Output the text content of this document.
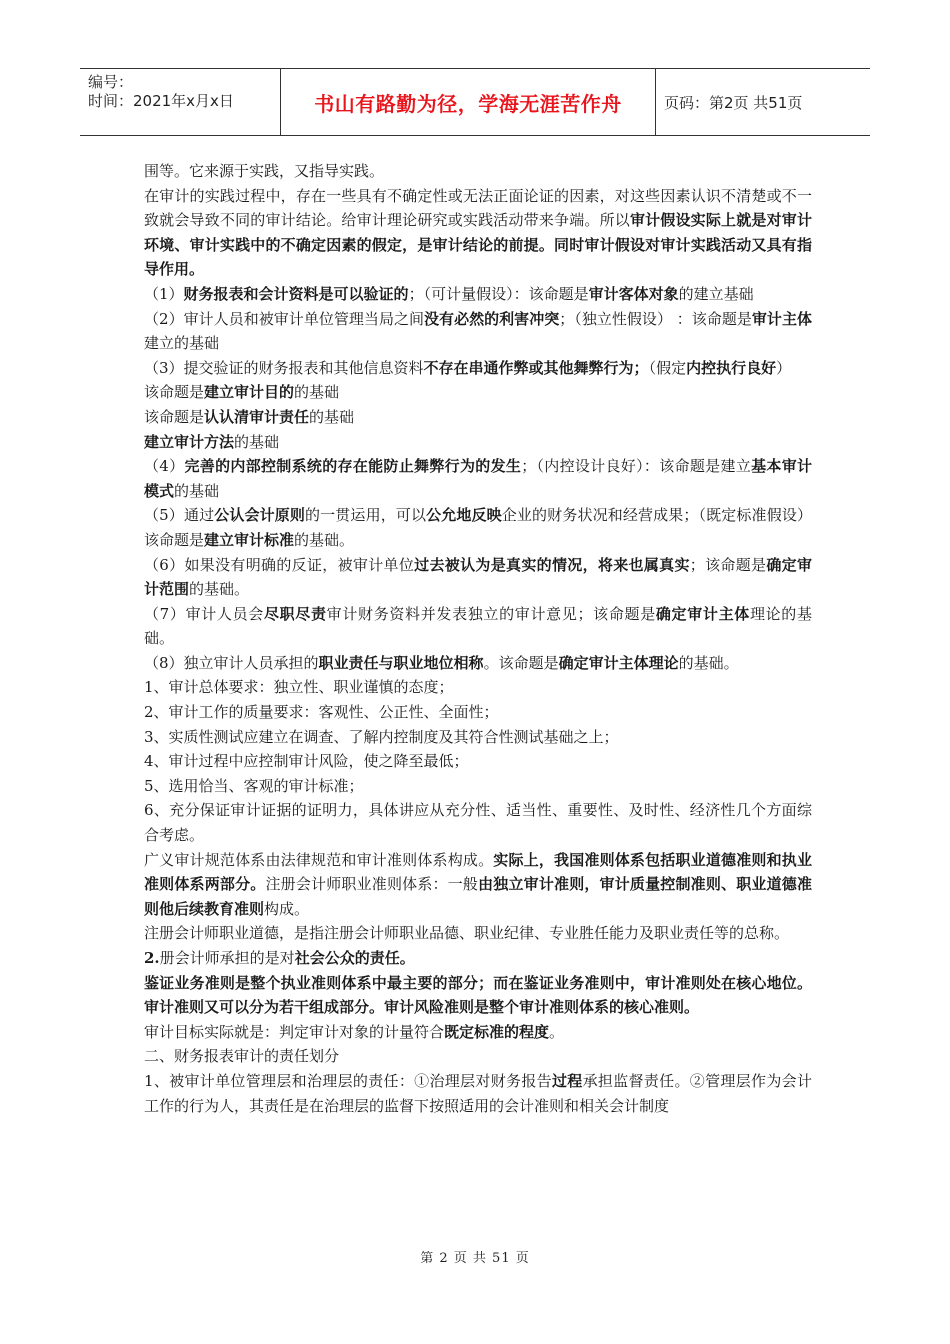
编号：
时间：2021年x月x日	书山有路勤为径，学海无涯苦作舟	页码：第2页 共51页

围等。它来源于实践，又指导实践。

在审计的实践过程中，存在一些具有不确定性或无法正面论证的因素，对这些因素认识不清楚或不一致就会导致不同的审计结论。给审计理论研究或实践活动带来争端。所以审计假设实际上就是对审计环境、审计实践中的不确定因素的假定，是审计结论的前提。同时审计假设对审计实践活动又具有指导作用。

（1）财务报表和会计资料是可以验证的；（可计量假设）：该命题是审计客体对象的建立基础

（2）审计人员和被审计单位管理当局之间没有必然的利害冲突；（独立性假设） ：该命题是审计主体建立的基础

（3）提交验证的财务报表和其他信息资料不存在串通作弊或其他舞弊行为；（假定内控执行良好）

该命题是建立审计目的的基础

该命题是认认清审计责任的基础

建立审计方法的基础

（4）完善的内部控制系统的存在能防止舞弊行为的发生；（内控设计良好）：该命题是建立基本审计模式的基础

（5）通过公认会计原则的一贯运用，可以公允地反映企业的财务状况和经营成果；（既定标准假设）该命题是建立审计标准的基础。

（6）如果没有明确的反证，被审计单位过去被认为是真实的情况，将来也属真实；该命题是确定审计范围的基础。

（7）审计人员会尽职尽责审计财务资料并发表独立的审计意见；该命题是确定审计主体理论的基础。

（8）独立审计人员承担的职业责任与职业地位相称。该命题是确定审计主体理论的基础。

1、审计总体要求：独立性、职业谨慎的态度；

2、审计工作的质量要求：客观性、公正性、全面性；

3、实质性测试应建立在调查、了解内控制度及其符合性测试基础之上；

4、审计过程中应控制审计风险，使之降至最低；

5、选用恰当、客观的审计标准；

6、充分保证审计证据的证明力，具体讲应从充分性、适当性、重要性、及时性、经济性几个方面综合考虑。

广义审计规范体系由法律规范和审计准则体系构成。实际上，我国准则体系包括职业道德准则和执业准则体系两部分。注册会计师职业准则体系：一般由独立审计准则，审计质量控制准则、职业道德准则他后续教育准则构成。

注册会计师职业道德，是指注册会计师职业品德、职业纪律、专业胜任能力及职业责任等的总称。

2.册会计师承担的是对社会公众的责任。

鉴证业务准则是整个执业准则体系中最主要的部分；而在鉴证业务准则中，审计准则处在核心地位。审计准则又可以分为若干组成部分。审计风险准则是整个审计准则体系的核心准则。

审计目标实际就是：判定审计对象的计量符合既定标准的程度。

二、财务报表审计的责任划分

1、被审计单位管理层和治理层的责任：①治理层对财务报告过程承担监督责任。②管理层作为会计工作的行为人，其责任是在治理层的监督下按照适用的会计准则和相关会计制度

第 2 页 共 51 页
